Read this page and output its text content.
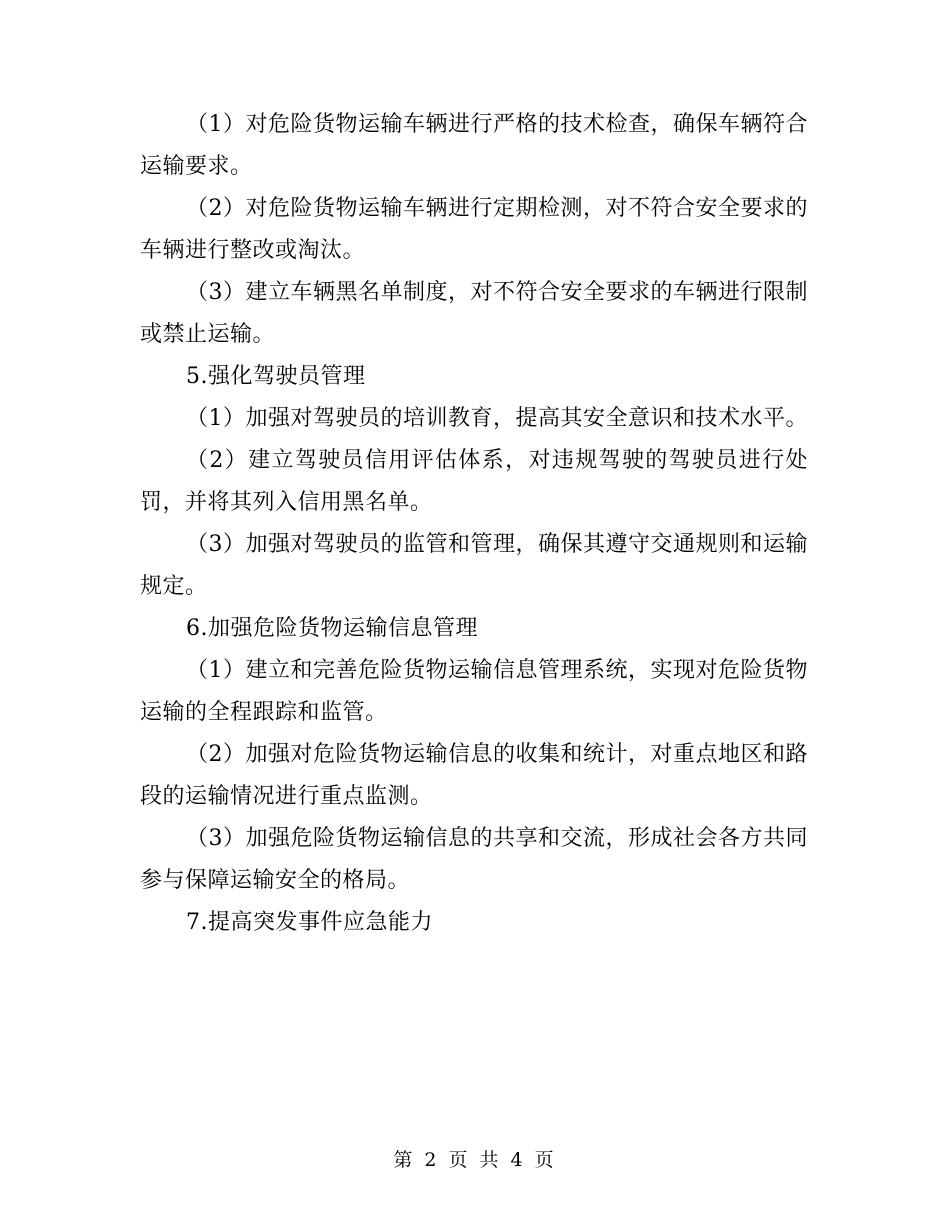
（1）对危险货物运输车辆进行严格的技术检查，确保车辆符合运输要求。

（2）对危险货物运输车辆进行定期检测，对不符合安全要求的车辆进行整改或淘汰。

（3）建立车辆黑名单制度，对不符合安全要求的车辆进行限制或禁止运输。

5.强化驾驶员管理

（1）加强对驾驶员的培训教育，提高其安全意识和技术水平。

（2）建立驾驶员信用评估体系，对违规驾驶的驾驶员进行处罚，并将其列入信用黑名单。

（3）加强对驾驶员的监管和管理，确保其遵守交通规则和运输规定。

6.加强危险货物运输信息管理

（1）建立和完善危险货物运输信息管理系统，实现对危险货物运输的全程跟踪和监管。

（2）加强对危险货物运输信息的收集和统计，对重点地区和路段的运输情况进行重点监测。

（3）加强危险货物运输信息的共享和交流，形成社会各方共同参与保障运输安全的格局。

7.提高突发事件应急能力

第 2 页 共 4 页
